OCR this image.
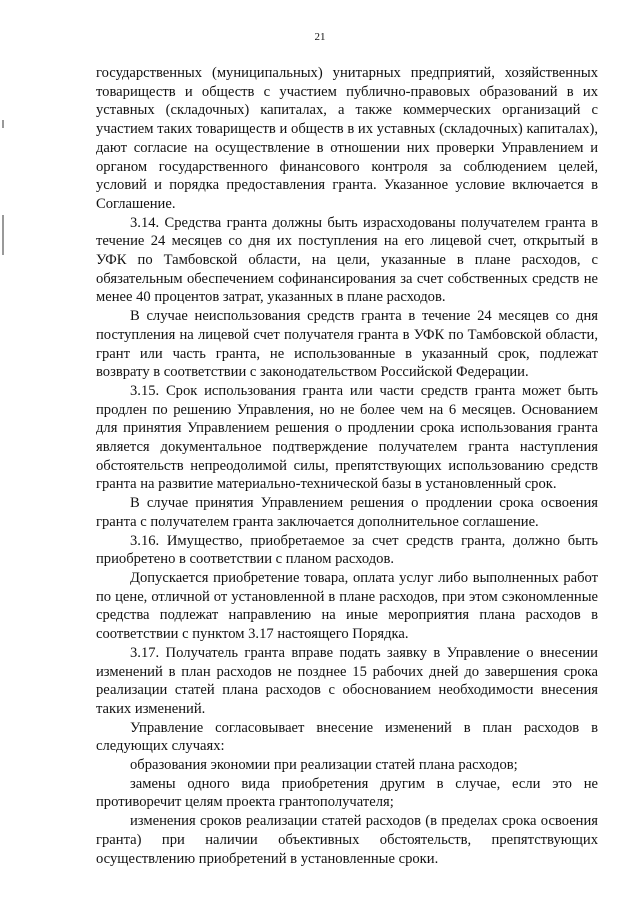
21

государственных (муниципальных) унитарных предприятий, хозяйственных товариществ и обществ с участием публично-правовых образований в их уставных (складочных) капиталах, а также коммерческих организаций с участием таких товариществ и обществ в их уставных (складочных) капиталах), дают согласие на осуществление в отношении них проверки Управлением и органом государственного финансового контроля за соблюдением целей, условий и порядка предоставления гранта. Указанное условие включается в Соглашение.

3.14. Средства гранта должны быть израсходованы получателем гранта в течение 24 месяцев со дня их поступления на его лицевой счет, открытый в УФК по Тамбовской области, на цели, указанные в плане расходов, с обязательным обеспечением софинансирования за счет собственных средств не менее 40 процентов затрат, указанных в плане расходов.

В случае неиспользования средств гранта в течение 24 месяцев со дня поступления на лицевой счет получателя гранта в УФК по Тамбовской области, грант или часть гранта, не использованные в указанный срок, подлежат возврату в соответствии с законодательством Российской Федерации.

3.15. Срок использования гранта или части средств гранта может быть продлен по решению Управления, но не более чем на 6 месяцев. Основанием для принятия Управлением решения о продлении срока использования гранта является документальное подтверждение получателем гранта наступления обстоятельств непреодолимой силы, препятствующих использованию средств гранта на развитие материально-технической базы в установленный срок.

В случае принятия Управлением решения о продлении срока освоения гранта с получателем гранта заключается дополнительное соглашение.

3.16. Имущество, приобретаемое за счет средств гранта, должно быть приобретено в соответствии с планом расходов.

Допускается приобретение товара, оплата услуг либо выполненных работ по цене, отличной от установленной в плане расходов, при этом сэкономленные средства подлежат направлению на иные мероприятия плана расходов в соответствии с пунктом 3.17 настоящего Порядка.

3.17. Получатель гранта вправе подать заявку в Управление о внесении изменений в план расходов не позднее 15 рабочих дней до завершения срока реализации статей плана расходов с обоснованием необходимости внесения таких изменений.

Управление согласовывает внесение изменений в план расходов в следующих случаях:

образования экономии при реализации статей плана расходов;

замены одного вида приобретения другим в случае, если это не противоречит целям проекта грантополучателя;

изменения сроков реализации статей расходов (в пределах срока освоения гранта) при наличии объективных обстоятельств, препятствующих осуществлению приобретений в установленные сроки.
